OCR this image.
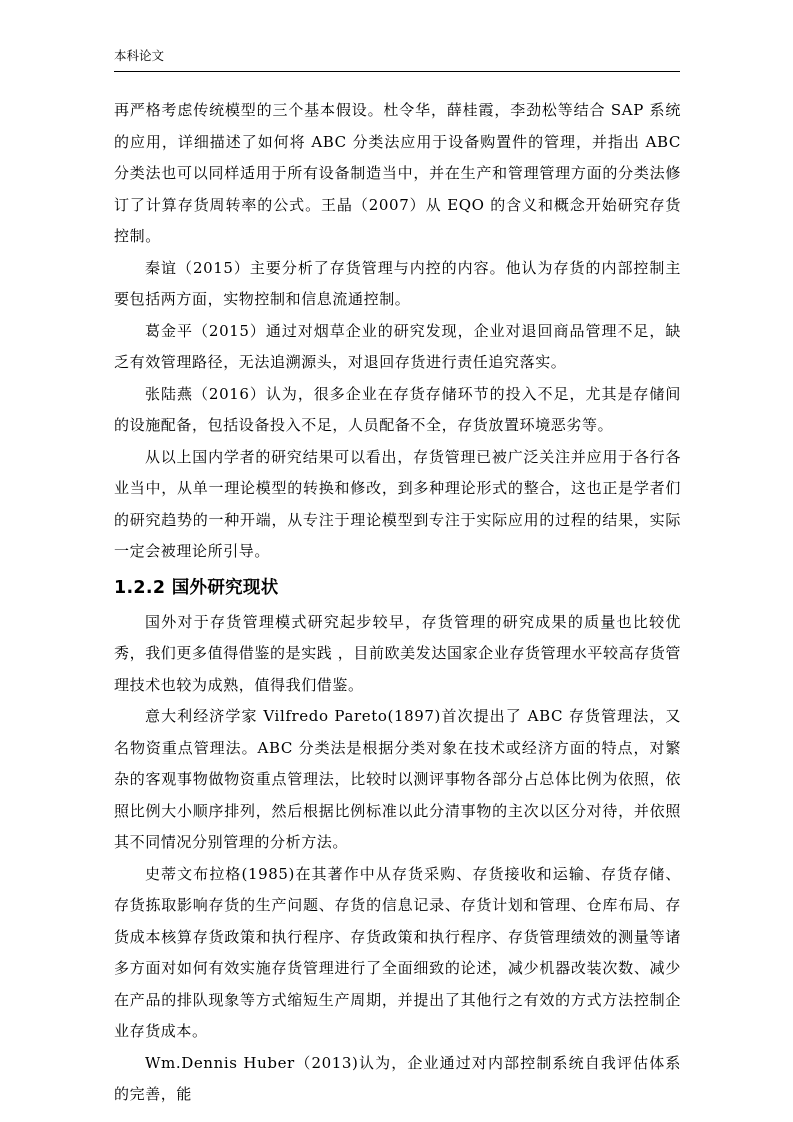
本科论文

再严格考虑传统模型的三个基本假设。杜令华，薛桂霞，李劲松等结合 SAP 系统的应用，详细描述了如何将 ABC 分类法应用于设备购置件的管理，并指出 ABC 分类法也可以同样适用于所有设备制造当中，并在生产和管理管理方面的分类法修订了计算存货周转率的公式。王晶（2007）从 EQO 的含义和概念开始研究存货控制。

秦谊（2015）主要分析了存货管理与内控的内容。他认为存货的内部控制主要包括两方面，实物控制和信息流通控制。

葛金平（2015）通过对烟草企业的研究发现，企业对退回商品管理不足，缺乏有效管理路径，无法追溯源头，对退回存货进行责任追究落实。

张陆燕（2016）认为，很多企业在存货存储环节的投入不足，尤其是存储间的设施配备，包括设备投入不足，人员配备不全，存货放置环境恶劣等。

从以上国内学者的研究结果可以看出，存货管理已被广泛关注并应用于各行各业当中，从单一理论模型的转换和修改，到多种理论形式的整合，这也正是学者们的研究趋势的一种开端，从专注于理论模型到专注于实际应用的过程的结果，实际一定会被理论所引导。

1.2.2 国外研究现状

国外对于存货管理模式研究起步较早，存货管理的研究成果的质量也比较优秀，我们更多值得借鉴的是实践 ，目前欧美发达国家企业存货管理水平较高存货管理技术也较为成熟，值得我们借鉴。

意大利经济学家 Vilfredo Pareto(1897)首次提出了 ABC 存货管理法，又名物资重点管理法。ABC 分类法是根据分类对象在技术或经济方面的特点，对繁杂的客观事物做物资重点管理法，比较时以测评事物各部分占总体比例为依照，依照比例大小顺序排列，然后根据比例标准以此分清事物的主次以区分对待，并依照其不同情况分别管理的分析方法。

史蒂文布拉格(1985)在其著作中从存货采购、存货接收和运输、存货存储、存货拣取影响存货的生产问题、存货的信息记录、存货计划和管理、仓库布局、存货成本核算存货政策和执行程序、存货政策和执行程序、存货管理绩效的测量等诸多方面对如何有效实施存货管理进行了全面细致的论述，减少机器改装次数、减少在产品的排队现象等方式缩短生产周期，并提出了其他行之有效的方式方法控制企业存货成本。

Wm.Dennis Huber（2013)认为，企业通过对内部控制系统自我评估体系的完善，能
